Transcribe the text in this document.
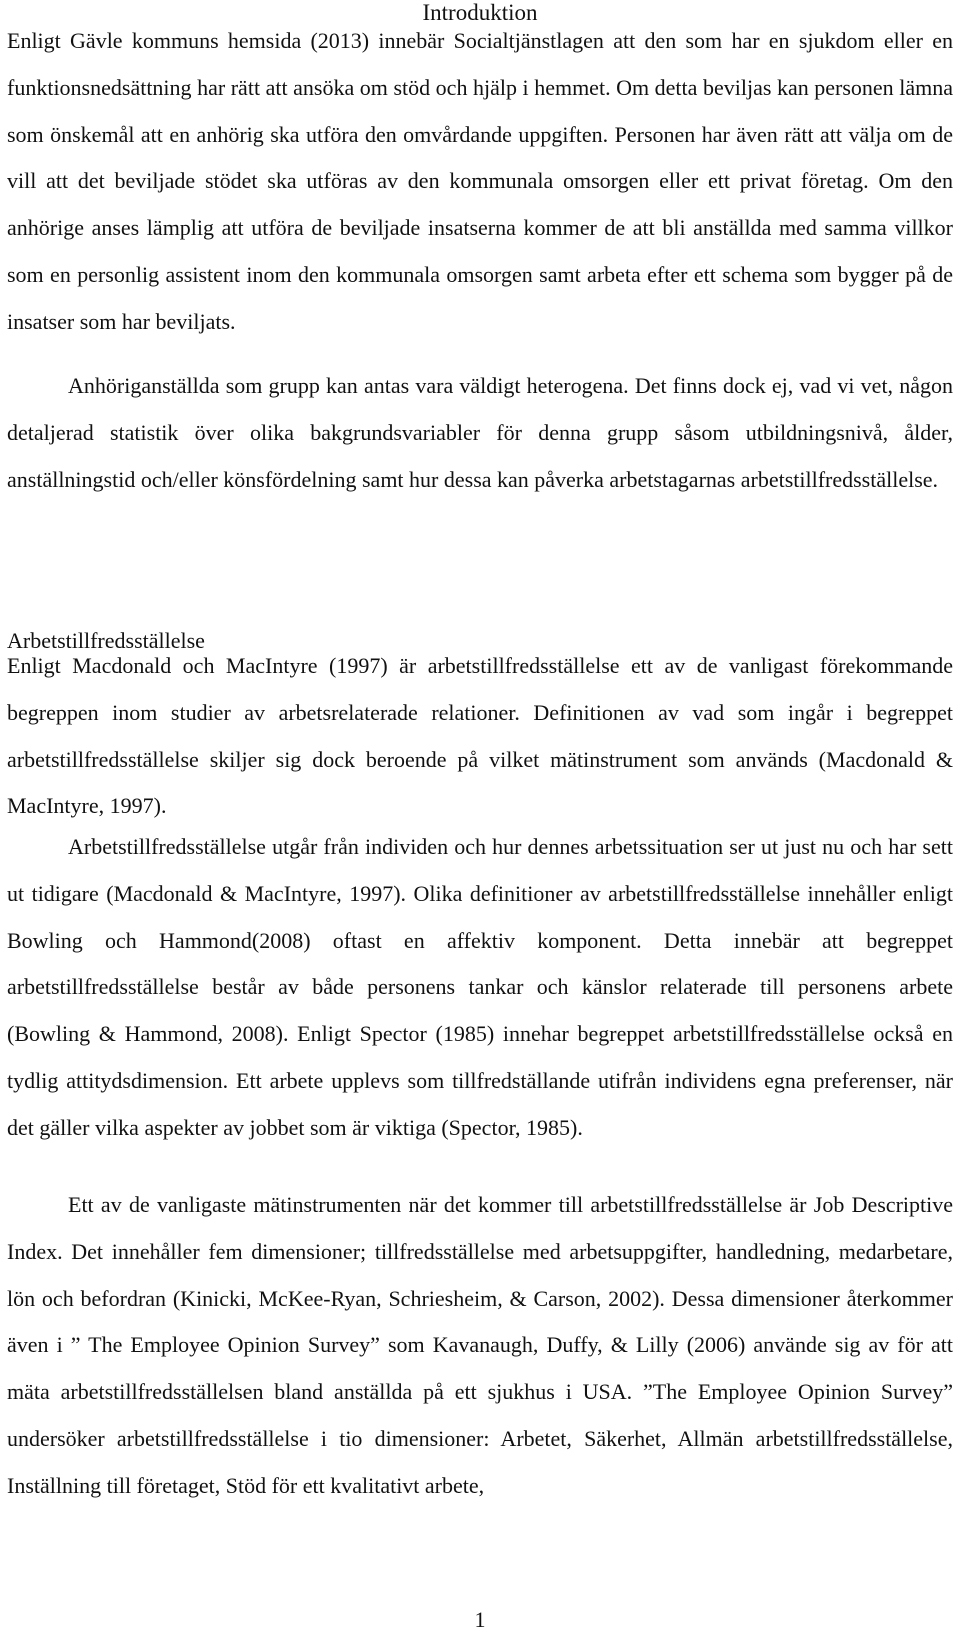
Introduktion

Enligt Gävle kommuns hemsida (2013) innebär Socialtjänstlagen att den som har en sjukdom eller en funktionsnedsättning har rätt att ansöka om stöd och hjälp i hemmet. Om detta beviljas kan personen lämna som önskemål att en anhörig ska utföra den omvårdande uppgiften. Personen har även rätt att välja om de vill att det beviljade stödet ska utföras av den kommunala omsorgen eller ett privat företag. Om den anhörige anses lämplig att utföra de beviljade insatserna kommer de att bli anställda med samma villkor som en personlig assistent inom den kommunala omsorgen samt arbeta efter ett schema som bygger på de insatser som har beviljats.

Anhöriganställda som grupp kan antas vara väldigt heterogena. Det finns dock ej, vad vi vet, någon detaljerad statistik över olika bakgrundsvariabler för denna grupp såsom utbildningsnivå, ålder, anställningstid och/eller könsfördelning samt hur dessa kan påverka arbetstagarnas arbetstillfredsställelse.

Arbetstillfredsställelse

Enligt Macdonald och MacIntyre (1997) är arbetstillfredsställelse ett av de vanligast förekommande begreppen inom studier av arbetsrelaterade relationer. Definitionen av vad som ingår i begreppet arbetstillfredsställelse skiljer sig dock beroende på vilket mätinstrument som används (Macdonald & MacIntyre, 1997).

Arbetstillfredsställelse utgår från individen och hur dennes arbetssituation ser ut just nu och har sett ut tidigare (Macdonald & MacIntyre, 1997). Olika definitioner av arbetstillfredsställelse innehåller enligt Bowling och Hammond(2008) oftast en affektiv komponent. Detta innebär att begreppet arbetstillfredsställelse består av både personens tankar och känslor relaterade till personens arbete (Bowling & Hammond, 2008). Enligt Spector (1985) innehar begreppet arbetstillfredsställelse också en tydlig attitydsdimension. Ett arbete upplevs som tillfredställande utifrån individens egna preferenser, när det gäller vilka aspekter av jobbet som är viktiga (Spector, 1985).

Ett av de vanligaste mätinstrumenten när det kommer till arbetstillfredsställelse är Job Descriptive Index. Det innehåller fem dimensioner; tillfredsställelse med arbetsuppgifter, handledning, medarbetare, lön och befordran (Kinicki, McKee-Ryan, Schriesheim, & Carson, 2002). Dessa dimensioner återkommer även i ” The Employee Opinion Survey” som Kavanaugh, Duffy, & Lilly (2006) använde sig av för att mäta arbetstillfredsställelsen bland anställda på ett sjukhus i USA. ”The Employee Opinion Survey” undersöker arbetstillfredsställelse i tio dimensioner: Arbetet, Säkerhet, Allmän arbetstillfredsställelse, Inställning till företaget, Stöd för ett kvalitativt arbete,

1
